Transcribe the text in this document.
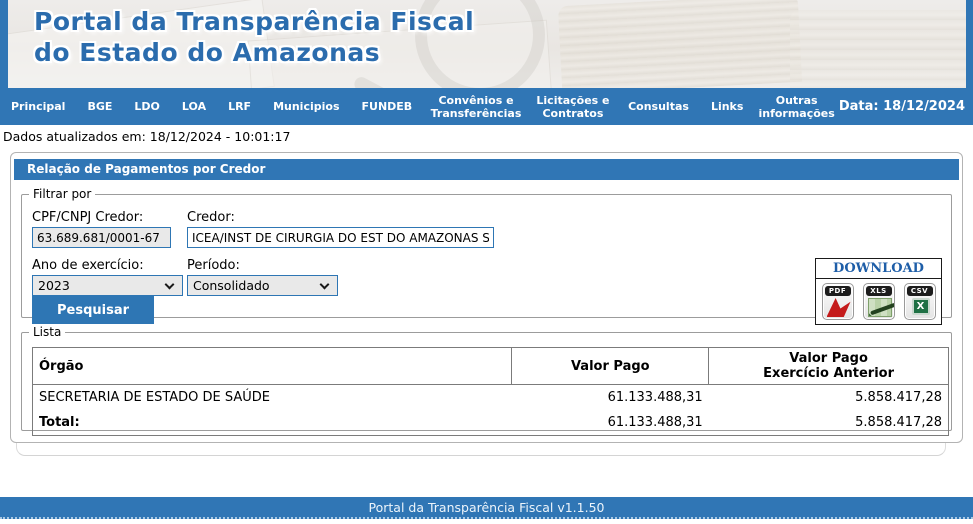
Portal da Transparência Fiscal
do Estado do Amazonas
Principal	BGE	LDO	LOA	LRF	Municipios	FUNDEB	Convênios e Transferências
Licitações e Contratos	Consultas	Links	Outras informações Data: 18/12/2024
Dados atualizados em: 18/12/2024 - 10:01:17
Relação de Pagamentos por Credor
Filtrar por
CPF/CNPJ Credor:	Credor:
63.689.681/0001-67
ICEA/INST DE CIRURGIA DO EST DO AMAZONAS S/S LT
Ano de exercício:	Período:
2023	Consolidado
Pesquisar
DOWNLOAD
PDF	XLS	CSV
X
Lista
Órgão	Valor Pago	Valor Pago
Exercício Anterior

SECRETARIA DE ESTADO DE SAÚDE	61.133.488,31	5.858.417,28
Total:	61.133.488,31	5.858.417,28
Portal da Transparência Fiscal v1.1.50
